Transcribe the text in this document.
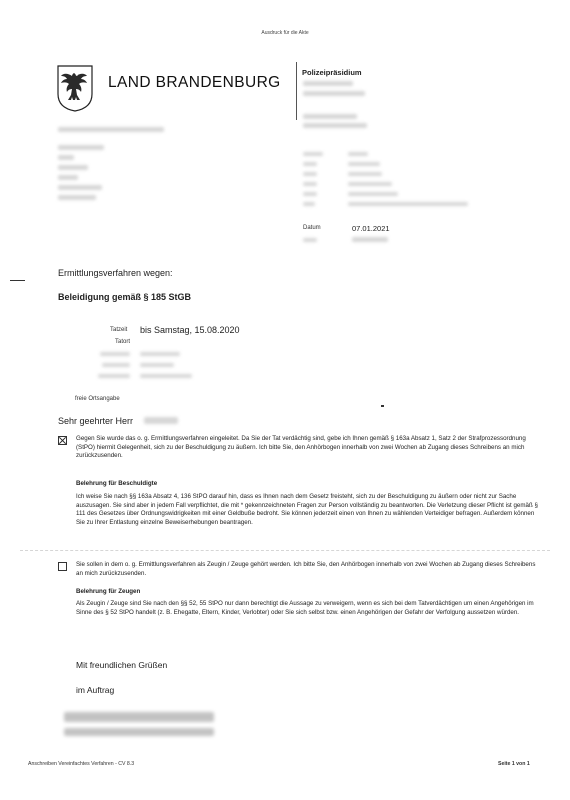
Ausdruck für die Akte
LAND BRANDENBURG
Polizeipräsidium
Datum	07.01.2021
Ermittlungsverfahren wegen:
Beleidigung gemäß § 185 StGB
Tatzeit bis Samstag, 15.08.2020
Tatort
freie Ortsangabe
Sehr geehrter Herr
Gegen Sie wurde das o. g. Ermittlungsverfahren eingeleitet. Da Sie der Tat verdächtig sind, gebe ich Ihnen gemäß § 163a Absatz 1, Satz 2 der Strafprozessordnung (StPO) hiermit Gelegenheit, sich zu der Beschuldigung zu äußern. Ich bitte Sie, den Anhörbogen innerhalb von zwei Wochen ab Zugang dieses Schreibens an mich zurückzusenden.
Belehrung für Beschuldigte
Ich weise Sie nach §§ 163a Absatz 4, 136 StPO darauf hin, dass es Ihnen nach dem Gesetz freisteht, sich zu der Beschuldigung zu äußern oder nicht zur Sache auszusagen. Sie sind aber in jedem Fall verpflichtet, die mit * gekennzeichneten Fragen zur Person vollständig zu beantworten. Die Verletzung dieser Pflicht ist gemäß § 111 des Gesetzes über Ordnungswidrigkeiten mit einer Geldbuße bedroht. Sie können jederzeit einen von Ihnen zu wählenden Verteidiger befragen. Außerdem können Sie zu Ihrer Entlastung einzelne Beweiserhebungen beantragen.
Sie sollen in dem o. g. Ermittlungsverfahren als Zeugin / Zeuge gehört werden. Ich bitte Sie, den Anhörbogen innerhalb von zwei Wochen ab Zugang dieses Schreibens an mich zurückzusenden.
Belehrung für Zeugen
Als Zeugin / Zeuge sind Sie nach den §§ 52, 55 StPO nur dann berechtigt die Aussage zu verweigern, wenn es sich bei dem Tatverdächtigen um einen Angehörigen im Sinne des § 52 StPO handelt (z. B. Ehegatte, Eltern, Kinder, Verlobter) oder Sie sich selbst bzw. einen Angehörigen der Gefahr der Verfolgung aussetzen würden.
Mit freundlichen Grüßen
im Auftrag
Anschreiben Vereinfachtes Verfahren - CV 8.3	Seite 1 von 1
